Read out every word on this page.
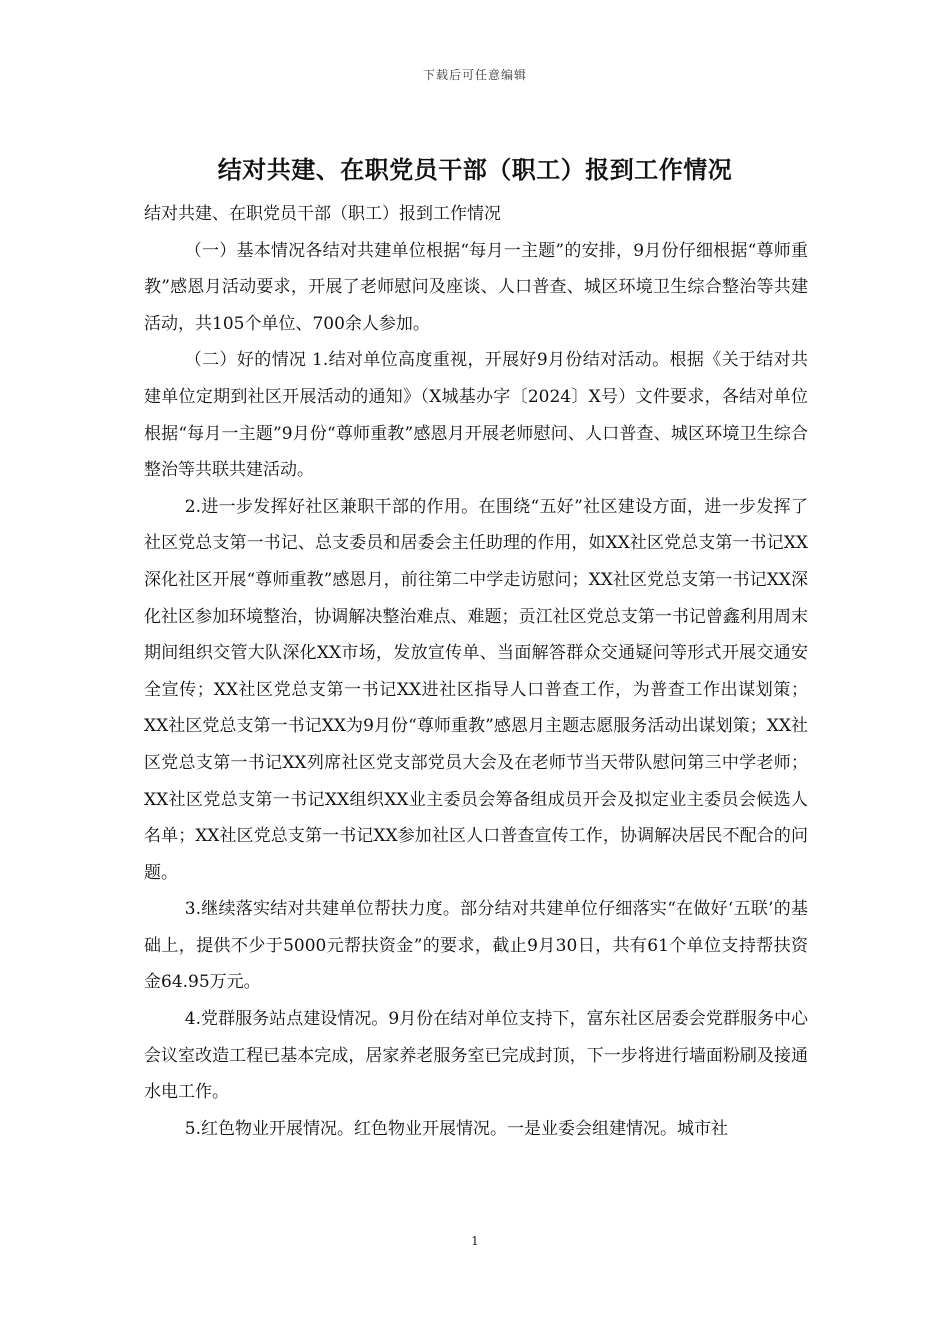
下载后可任意编辑
结对共建、在职党员干部（职工）报到工作情况

结对共建、在职党员干部（职工）报到工作情况

（一）基本情况各结对共建单位根据“每月一主题”的安排，9月份仔细根据“尊师重教”感恩月活动要求，开展了老师慰问及座谈、人口普查、城区环境卫生综合整治等共建活动，共105个单位、700余人参加。

（二）好的情况 1.结对单位高度重视，开展好9月份结对活动。根据《关于结对共建单位定期到社区开展活动的通知》（X城基办字〔2024〕X号）文件要求，各结对单位根据“每月一主题”9月份“尊师重教”感恩月开展老师慰问、人口普查、城区环境卫生综合整治等共联共建活动。

2.进一步发挥好社区兼职干部的作用。在围绕“五好”社区建设方面，进一步发挥了社区党总支第一书记、总支委员和居委会主任助理的作用，如XX社区党总支第一书记XX深化社区开展“尊师重教”感恩月，前往第二中学走访慰问；XX社区党总支第一书记XX深化社区参加环境整治，协调解决整治难点、难题；贡江社区党总支第一书记曾鑫利用周末期间组织交管大队深化XX市场，发放宣传单、当面解答群众交通疑问等形式开展交通安全宣传；XX社区党总支第一书记XX进社区指导人口普查工作，为普查工作出谋划策；XX社区党总支第一书记XX为9月份“尊师重教”感恩月主题志愿服务活动出谋划策；XX社区党总支第一书记XX列席社区党支部党员大会及在老师节当天带队慰问第三中学老师；XX社区党总支第一书记XX组织XX业主委员会筹备组成员开会及拟定业主委员会候选人名单；XX社区党总支第一书记XX参加社区人口普查宣传工作，协调解决居民不配合的问题。

3.继续落实结对共建单位帮扶力度。部分结对共建单位仔细落实“在做好‘五联’的基础上，提供不少于5000元帮扶资金”的要求，截止9月30日，共有61个单位支持帮扶资金64.95万元。

4.党群服务站点建设情况。9月份在结对单位支持下，富东社区居委会党群服务中心会议室改造工程已基本完成，居家养老服务室已完成封顶，下一步将进行墙面粉刷及接通水电工作。

5.红色物业开展情况。红色物业开展情况。一是业委会组建情况。城市社

1
